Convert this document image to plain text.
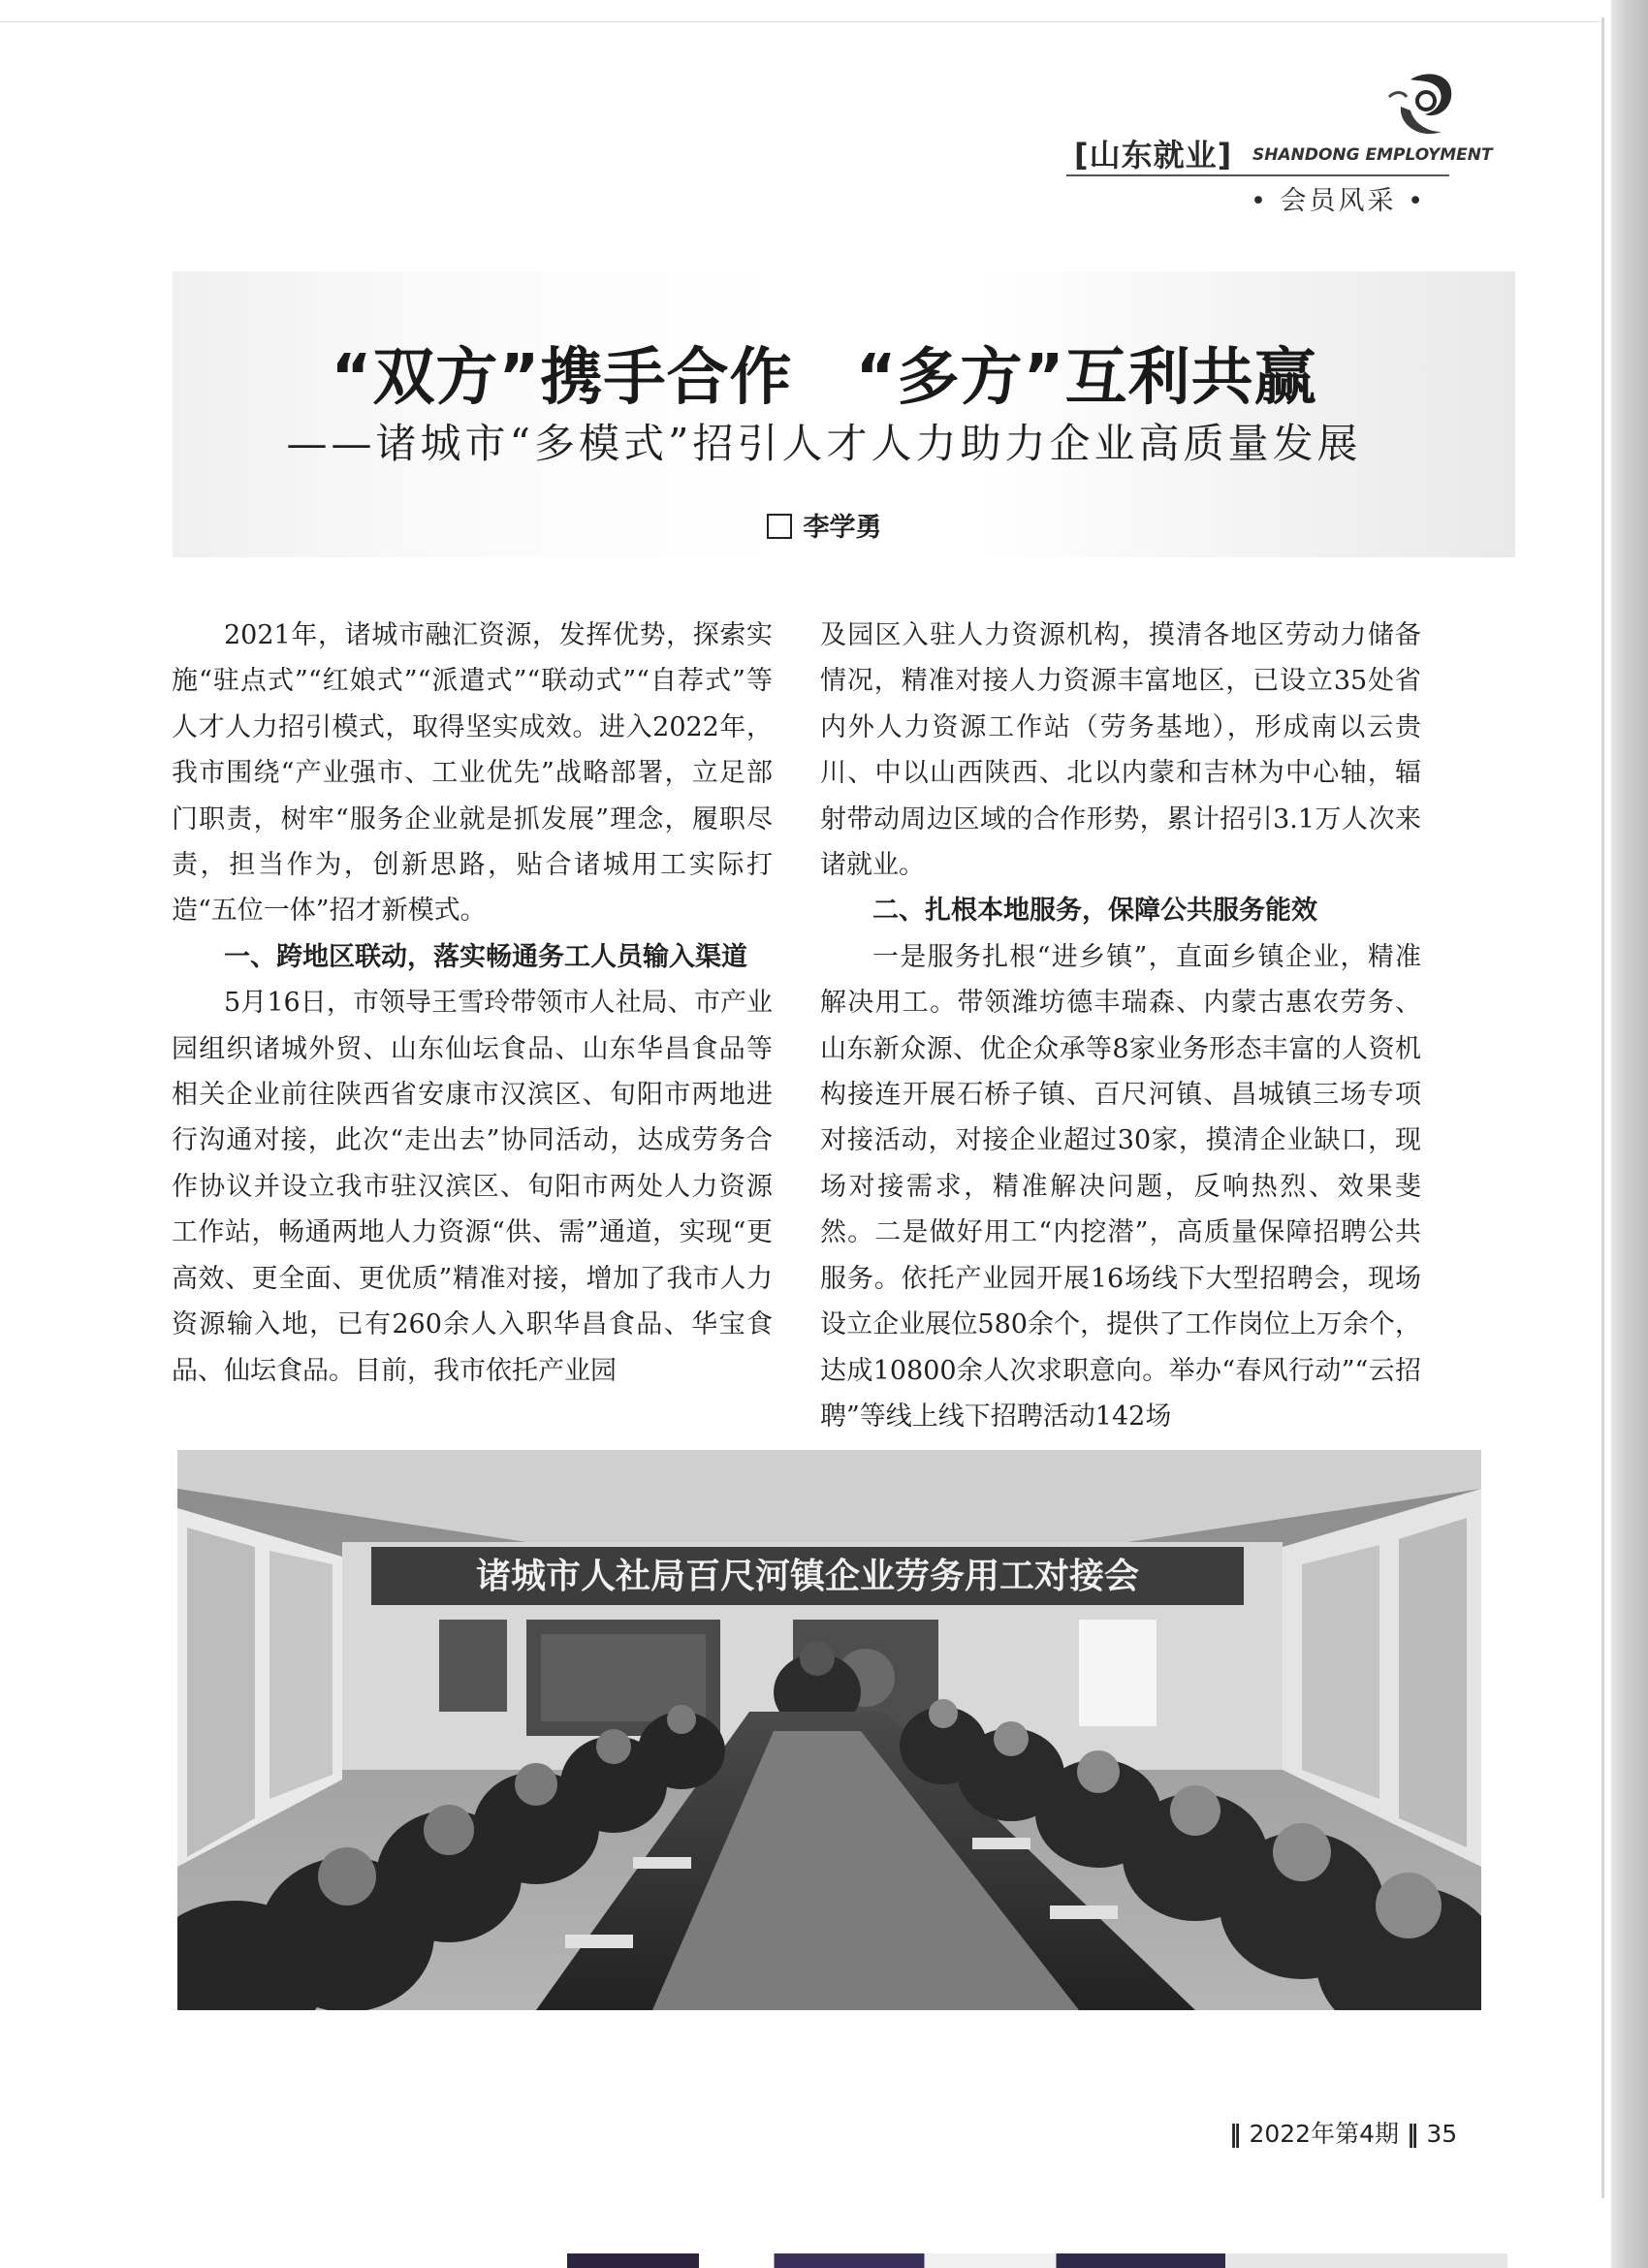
[山东就业] SHANDONG EMPLOYMENT
• 会员风采 •
“双方”携手合作　“多方”互利共赢
——诸城市“多模式”招引人才人力助力企业高质量发展
李学勇

2021年，诸城市融汇资源，发挥优势，探索实施“驻点式”“红娘式”“派遣式”“联动式”“自荐式”等人才人力招引模式，取得坚实成效。进入2022年，我市围绕“产业强市、工业优先”战略部署，立足部门职责，树牢“服务企业就是抓发展”理念，履职尽责，担当作为，创新思路，贴合诸城用工实际打造“五位一体”招才新模式。

一、跨地区联动，落实畅通务工人员输入渠道

5月16日，市领导王雪玲带领市人社局、市产业园组织诸城外贸、山东仙坛食品、山东华昌食品等相关企业前往陕西省安康市汉滨区、旬阳市两地进行沟通对接，此次“走出去”协同活动，达成劳务合作协议并设立我市驻汉滨区、旬阳市两处人力资源工作站，畅通两地人力资源“供、需”通道，实现“更高效、更全面、更优质”精准对接，增加了我市人力资源输入地，已有260余人入职华昌食品、华宝食品、仙坛食品。目前，我市依托产业园

及园区入驻人力资源机构，摸清各地区劳动力储备情况，精准对接人力资源丰富地区，已设立35处省内外人力资源工作站（劳务基地），形成南以云贵川、中以山西陕西、北以内蒙和吉林为中心轴，辐射带动周边区域的合作形势，累计招引3.1万人次来诸就业。

二、扎根本地服务，保障公共服务能效

一是服务扎根“进乡镇”，直面乡镇企业，精准解决用工。带领潍坊德丰瑞森、内蒙古惠农劳务、山东新众源、优企众承等8家业务形态丰富的人资机构接连开展石桥子镇、百尺河镇、昌城镇三场专项对接活动，对接企业超过30家，摸清企业缺口，现场对接需求，精准解决问题，反响热烈、效果斐然。二是做好用工“内挖潜”，高质量保障招聘公共服务。依托产业园开展16场线下大型招聘会，现场设立企业展位580余个，提供了工作岗位上万余个，达成10800余人次求职意向。举办“春风行动”“云招聘”等线上线下招聘活动142场

诸城市人社局百尺河镇企业劳务用工对接会
‖ 2022年第4期 ‖ 35
